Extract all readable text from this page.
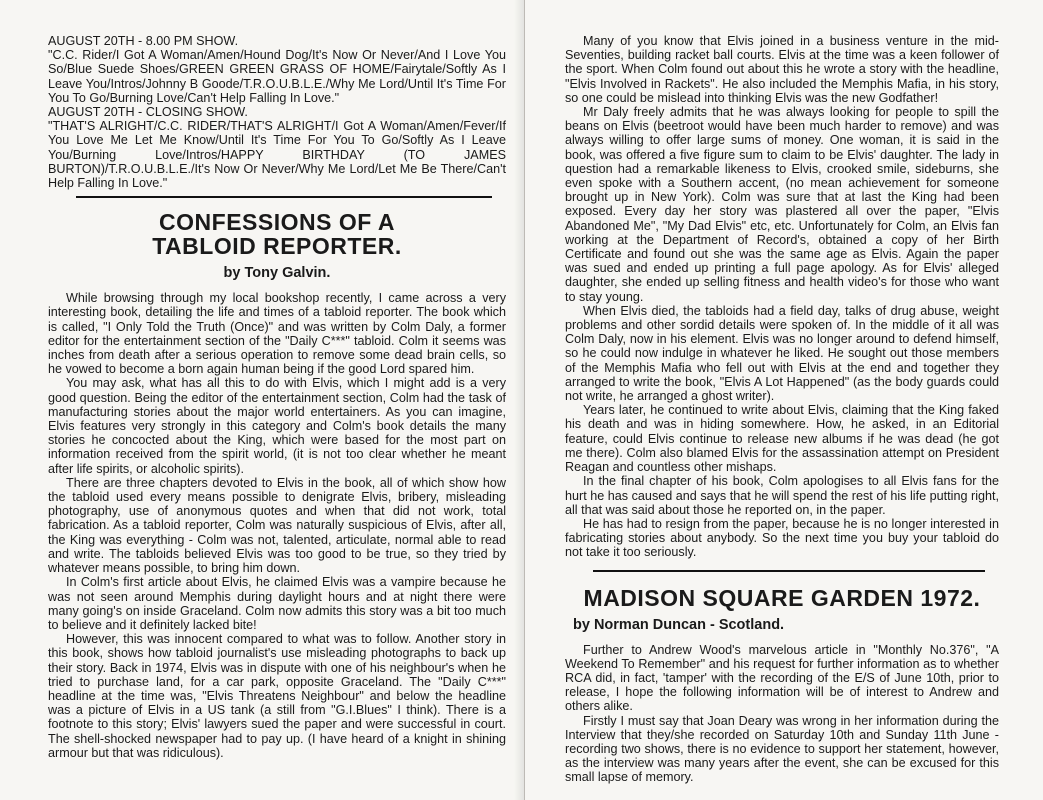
AUGUST 20TH - 8.00 PM SHOW.

"C.C. Rider/I Got A Woman/Amen/Hound Dog/It's Now Or Never/And I Love You So/Blue Suede Shoes/GREEN GREEN GRASS OF HOME/Fairytale/Softly As I Leave You/Intros/Johnny B Goode/T.R.O.U.B.L.E./Why Me Lord/Until It's Time For You To Go/Burning Love/Can't Help Falling In Love."

AUGUST 20TH - CLOSING SHOW.

"THAT'S ALRIGHT/C.C. RIDER/THAT'S ALRIGHT/I Got A Woman/Amen/Fever/If You Love Me Let Me Know/Until It's Time For You To Go/Softly As I Leave You/Burning Love/Intros/HAPPY BIRTHDAY (TO JAMES BURTON)/T.R.O.U.B.L.E./It's Now Or Never/Why Me Lord/Let Me Be There/Can't Help Falling In Love."

CONFESSIONS OF A
TABLOID REPORTER.
by Tony Galvin.

While browsing through my local bookshop recently, I came across a very interesting book, detailing the life and times of a tabloid reporter. The book which is called, "I Only Told the Truth (Once)" and was written by Colm Daly, a former editor for the entertainment section of the "Daily C***" tabloid. Colm it seems was inches from death after a serious operation to remove some dead brain cells, so he vowed to become a born again human being if the good Lord spared him.

You may ask, what has all this to do with Elvis, which I might add is a very good question. Being the editor of the entertainment section, Colm had the task of manufacturing stories about the major world entertainers. As you can imagine, Elvis features very strongly in this category and Colm's book details the many stories he concocted about the King, which were based for the most part on information received from the spirit world, (it is not too clear whether he meant after life spirits, or alcoholic spirits).

There are three chapters devoted to Elvis in the book, all of which show how the tabloid used every means possible to denigrate Elvis, bribery, misleading photography, use of anonymous quotes and when that did not work, total fabrication. As a tabloid reporter, Colm was naturally suspicious of Elvis, after all, the King was everything - Colm was not, talented, articulate, normal able to read and write. The tabloids believed Elvis was too good to be true, so they tried by whatever means possible, to bring him down.

In Colm's first article about Elvis, he claimed Elvis was a vampire because he was not seen around Memphis during daylight hours and at night there were many going's on inside Graceland. Colm now admits this story was a bit too much to believe and it definitely lacked bite!

However, this was innocent compared to what was to follow. Another story in this book, shows how tabloid journalist's use misleading photographs to back up their story. Back in 1974, Elvis was in dispute with one of his neighbour's when he tried to purchase land, for a car park, opposite Graceland. The "Daily C***" headline at the time was, "Elvis Threatens Neighbour" and below the headline was a picture of Elvis in a US tank (a still from "G.I.Blues" I think). There is a footnote to this story; Elvis' lawyers sued the paper and were successful in court. The shell-shocked newspaper had to pay up. (I have heard of a knight in shining armour but that was ridiculous).

Many of you know that Elvis joined in a business venture in the mid-Seventies, building racket ball courts. Elvis at the time was a keen follower of the sport. When Colm found out about this he wrote a story with the headline, "Elvis Involved in Rackets". He also included the Memphis Mafia, in his story, so one could be mislead into thinking Elvis was the new Godfather!

Mr Daly freely admits that he was always looking for people to spill the beans on Elvis (beetroot would have been much harder to remove) and was always willing to offer large sums of money. One woman, it is said in the book, was offered a five figure sum to claim to be Elvis' daughter. The lady in question had a remarkable likeness to Elvis, crooked smile, sideburns, she even spoke with a Southern accent, (no mean achievement for someone brought up in New York). Colm was sure that at last the King had been exposed. Every day her story was plastered all over the paper, "Elvis Abandoned Me", "My Dad Elvis" etc, etc. Unfortunately for Colm, an Elvis fan working at the Department of Record's, obtained a copy of her Birth Certificate and found out she was the same age as Elvis. Again the paper was sued and ended up printing a full page apology. As for Elvis' alleged daughter, she ended up selling fitness and health video's for those who want to stay young.

When Elvis died, the tabloids had a field day, talks of drug abuse, weight problems and other sordid details were spoken of. In the middle of it all was Colm Daly, now in his element. Elvis was no longer around to defend himself, so he could now indulge in whatever he liked. He sought out those members of the Memphis Mafia who fell out with Elvis at the end and together they arranged to write the book, "Elvis A Lot Happened" (as the body guards could not write, he arranged a ghost writer).

Years later, he continued to write about Elvis, claiming that the King faked his death and was in hiding somewhere. How, he asked, in an Editorial feature, could Elvis continue to release new albums if he was dead (he got me there). Colm also blamed Elvis for the assassination attempt on President Reagan and countless other mishaps.

In the final chapter of his book, Colm apologises to all Elvis fans for the hurt he has caused and says that he will spend the rest of his life putting right, all that was said about those he reported on, in the paper.

He has had to resign from the paper, because he is no longer interested in fabricating stories about anybody. So the next time you buy your tabloid do not take it too seriously.

MADISON SQUARE GARDEN 1972.
by Norman Duncan - Scotland.

Further to Andrew Wood's marvelous article in "Monthly No.376", "A Weekend To Remember" and his request for further information as to whether RCA did, in fact, 'tamper' with the recording of the E/S of June 10th, prior to release, I hope the following information will be of interest to Andrew and others alike.

Firstly I must say that Joan Deary was wrong in her information during the Interview that they/she recorded on Saturday 10th and Sunday 11th June - recording two shows, there is no evidence to support her statement, however, as the interview was many years after the event, she can be excused for this small lapse of memory.
